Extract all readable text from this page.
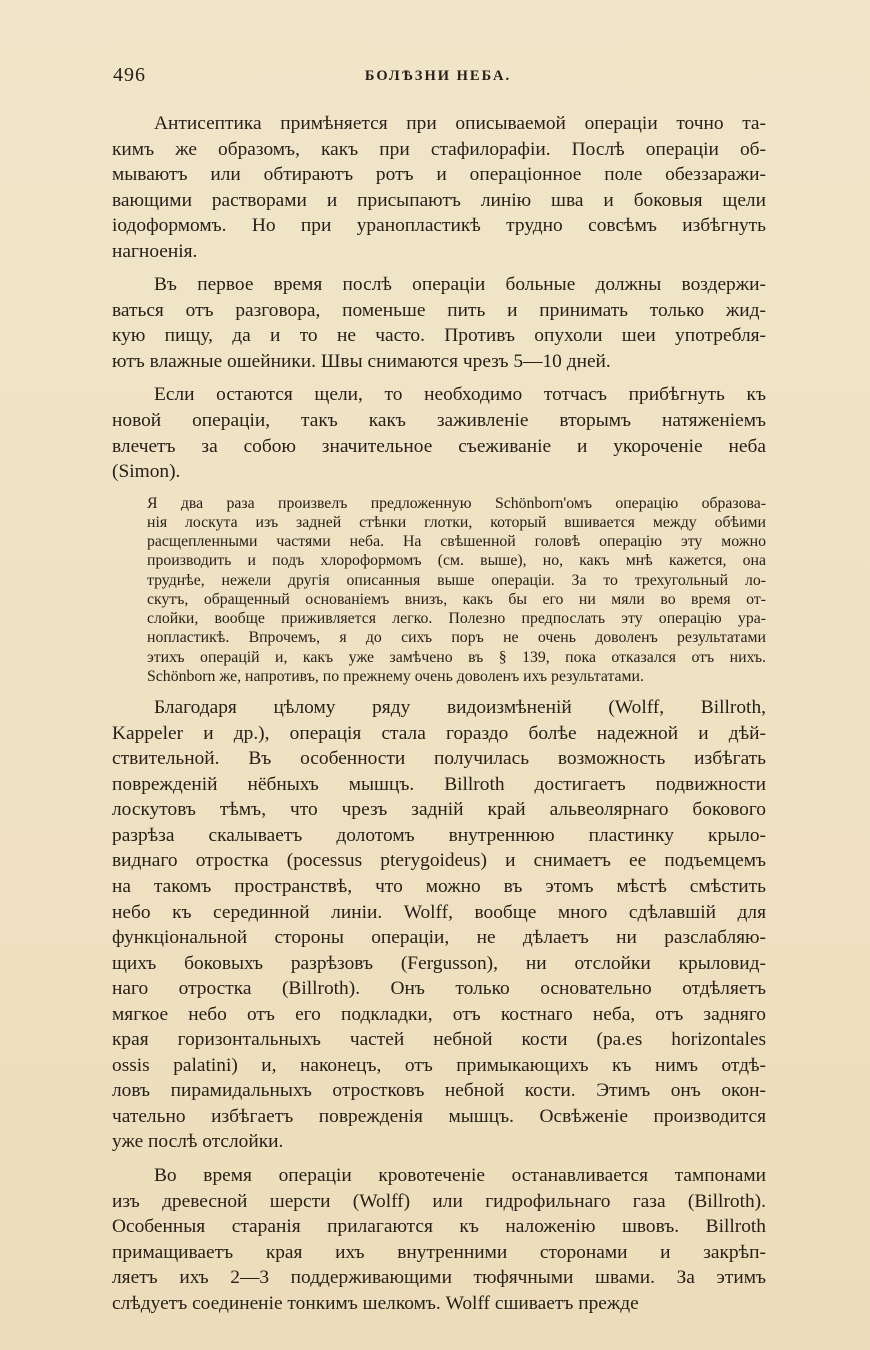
496	БОЛѢЗНИ НЕБА.

Антисептика примѣняется при описываемой операціи точно та-

кимъ же образомъ, какъ при стафилорафіи. Послѣ операціи об-

мываютъ или обтираютъ ротъ и операціонное поле обеззаражи-

вающими растворами и присыпаютъ линію шва и боковыя щели

іодоформомъ. Но при уранопластикѣ трудно совсѣмъ избѣгнуть

нагноенія.

Въ первое время послѣ операціи больные должны воздержи-

ваться отъ разговора, поменьше пить и принимать только жид-

кую пищу, да и то не часто. Противъ опухоли шеи употребля-

ютъ влажные ошейники. Швы снимаются чрезъ 5—10 дней.

Если остаются щели, то необходимо тотчасъ прибѣгнуть къ

новой операціи, такъ какъ заживленіе вторымъ натяженіемъ

влечетъ за собою значительное съеживаніе и укороченіе неба

(Simon).

Я два раза произвелъ предложенную Schönborn'омъ операцію образова-

нія лоскута изъ задней стѣнки глотки, который вшивается между обѣими

расщепленными частями неба. На свѣшенной головѣ операцію эту можно

производить и подъ хлороформомъ (см. выше), но, какъ мнѣ кажется, она

труднѣе, нежели другія описанныя выше операціи. За то трехугольный ло-

скутъ, обращенный основаніемъ внизъ, какъ бы его ни мяли во время от-

слойки, вообще приживляется легко. Полезно предпослать эту операцію ура-

нопластикѣ. Впрочемъ, я до сихъ поръ не очень доволенъ результатами

этихъ операцій и, какъ уже замѣчено въ § 139, пока отказался отъ нихъ.

Schönborn же, напротивъ, по прежнему очень доволенъ ихъ результатами.

Благодаря цѣлому ряду видоизмѣненій (Wolff, Billroth,

Kappeler и др.), операція стала гораздо болѣе надежной и дѣй-

ствительной. Въ особенности получилась возможность избѣгать

поврежденій нёбныхъ мышцъ. Billroth достигаетъ подвижности

лоскутовъ тѣмъ, что чрезъ задній край альвеолярнаго бокового

разрѣза скалываетъ долотомъ внутреннюю пластинку крыло-

виднаго отростка (pocessus pterygoideus) и снимаетъ ее подъемцемъ

на такомъ пространствѣ, что можно въ этомъ мѣстѣ смѣстить

небо къ серединной линіи. Wolff, вообще много сдѣлавшій для

функціональной стороны операціи, не дѣлаетъ ни разслабляю-

щихъ боковыхъ разрѣзовъ (Fergusson), ни отслойки крыловид-

наго отростка (Billroth). Онъ только основательно отдѣляетъ

мягкое небо отъ его подкладки, отъ костнаго неба, отъ задняго

края горизонтальныхъ частей небной кости (pa.es horizontales

ossis palatini) и, наконецъ, отъ примыкающихъ къ нимъ отдѣ-

ловъ пирамидальныхъ отростковъ небной кости. Этимъ онъ окон-

чательно избѣгаетъ поврежденія мышцъ. Освѣженіе производится

уже послѣ отслойки.

Во время операціи кровотеченіе останавливается тампонами

изъ древесной шерсти (Wolff) или гидрофильнаго газа (Billroth).

Особенныя старанія прилагаются къ наложенію швовъ. Billroth

примащиваетъ края ихъ внутренними сторонами и закрѣп-

ляетъ ихъ 2—3 поддерживающими тюфячными швами. За этимъ

слѣдуетъ соединеніе тонкимъ шелкомъ. Wolff сшиваетъ прежде
